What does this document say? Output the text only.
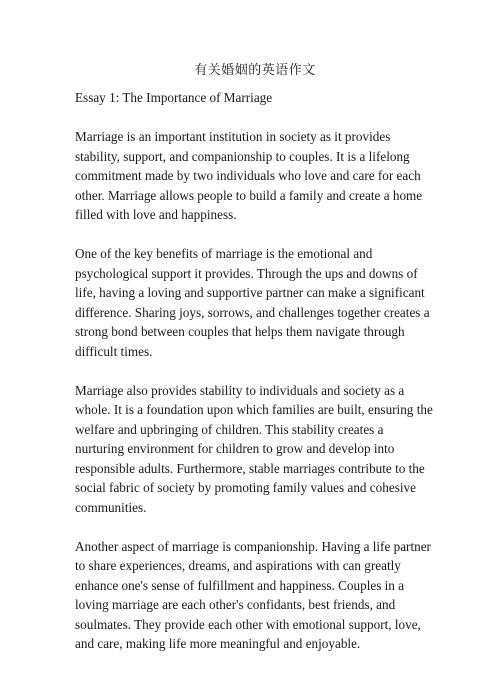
有关婚姻的英语作文
Essay 1: The Importance of Marriage

Marriage is an important institution in society as it provides stability, support, and companionship to couples. It is a lifelong commitment made by two individuals who love and care for each other. Marriage allows people to build a family and create a home filled with love and happiness.

One of the key benefits of marriage is the emotional and psychological support it provides. Through the ups and downs of life, having a loving and supportive partner can make a significant difference. Sharing joys, sorrows, and challenges together creates a strong bond between couples that helps them navigate through difficult times.

Marriage also provides stability to individuals and society as a whole. It is a foundation upon which families are built, ensuring the welfare and upbringing of children. This stability creates a nurturing environment for children to grow and develop into responsible adults. Furthermore, stable marriages contribute to the social fabric of society by promoting family values and cohesive communities.

Another aspect of marriage is companionship. Having a life partner to share experiences, dreams, and aspirations with can greatly enhance one's sense of fulfillment and happiness. Couples in a loving marriage are each other's confidants, best friends, and soulmates. They provide each other with emotional support, love, and care, making life more meaningful and enjoyable.
